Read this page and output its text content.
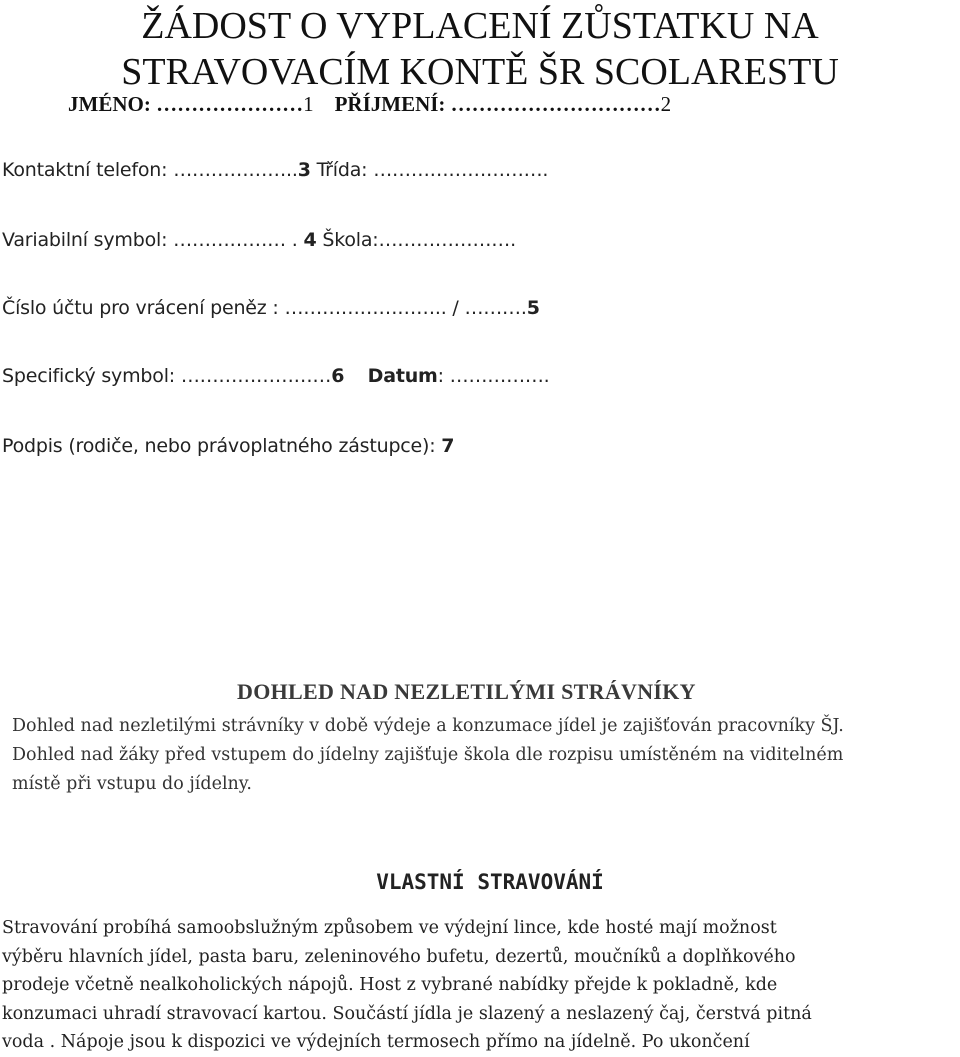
ŽÁDOST O VYPLACENÍ ZŮSTATKU NA
STRAVOVACÍM KONTĚ ŠR SCOLARESTU
JMÉNO: …………………1 PŘÍJMENÍ: …………………………2
Kontaktní telefon: ………………..3 Třída: ……………………….
Variabilní symbol: ……………… . 4 Škola:………………….
Číslo účtu pro vrácení peněz : …………………….. / ……….5
Specifický symbol: ……………………6 Datum: …………….
Podpis (rodiče, nebo právoplatného zástupce): 7
DOHLED NAD NEZLETILÝMI STRÁVNÍKY

Dohled nad nezletilými strávníky v době výdeje a konzumace jídel je zajišťován pracovníky ŠJ.
Dohled nad žáky před vstupem do jídelny zajišťuje škola dle rozpisu umístěném na viditelném
místě při vstupu do jídelny.

VLASTNÍ STRAVOVÁNÍ

Stravování probíhá samoobslužným způsobem ve výdejní lince, kde hosté mají možnost
výběru hlavních jídel, pasta baru, zeleninového bufetu, dezertů, moučníků a doplňkového
prodeje včetně nealkoholických nápojů. Host z vybrané nabídky přejde k pokladně, kde
konzumaci uhradí stravovací kartou. Součástí jídla je slazený a neslazený čaj, čerstvá pitná
voda . Nápoje jsou k dispozici ve výdejních termosech přímo na jídelně. Po ukončení
